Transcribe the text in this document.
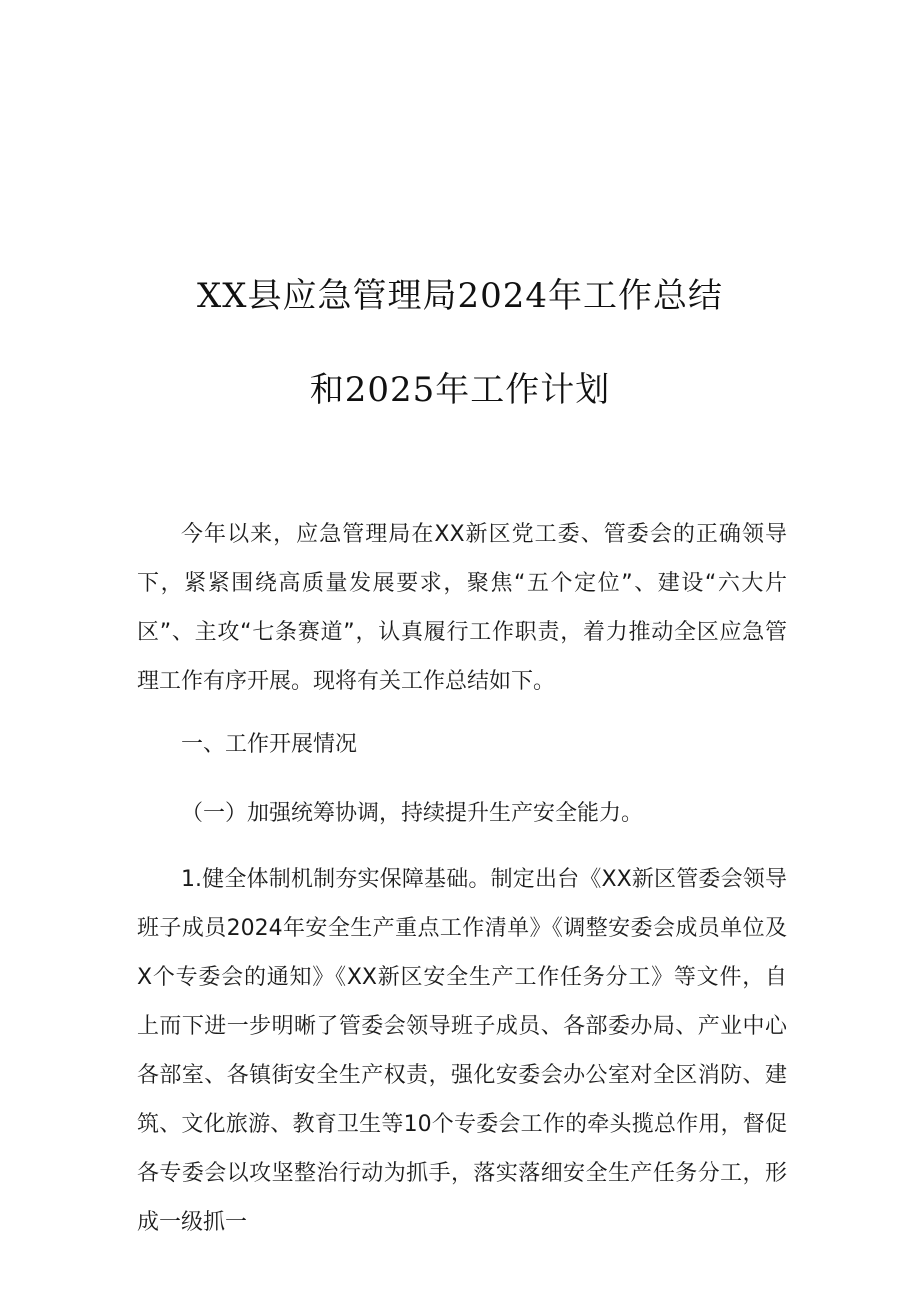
XX县应急管理局2024年工作总结
和2025年工作计划
今年以来，应急管理局在XX新区党工委、管委会的正确领导下，紧紧围绕高质量发展要求，聚焦“五个定位”、建设“六大片区”、主攻“七条赛道”，认真履行工作职责，着力推动全区应急管理工作有序开展。现将有关工作总结如下。
一、工作开展情况
（一）加强统筹协调，持续提升生产安全能力。
1.健全体制机制夯实保障基础。制定出台《XX新区管委会领导班子成员2024年安全生产重点工作清单》《调整安委会成员单位及X个专委会的通知》《XX新区安全生产工作任务分工》等文件，自上而下进一步明晰了管委会领导班子成员、各部委办局、产业中心各部室、各镇街安全生产权责，强化安委会办公室对全区消防、建筑、文化旅游、教育卫生等10个专委会工作的牵头揽总作用，督促各专委会以攻坚整治行动为抓手，落实落细安全生产任务分工，形成一级抓一
